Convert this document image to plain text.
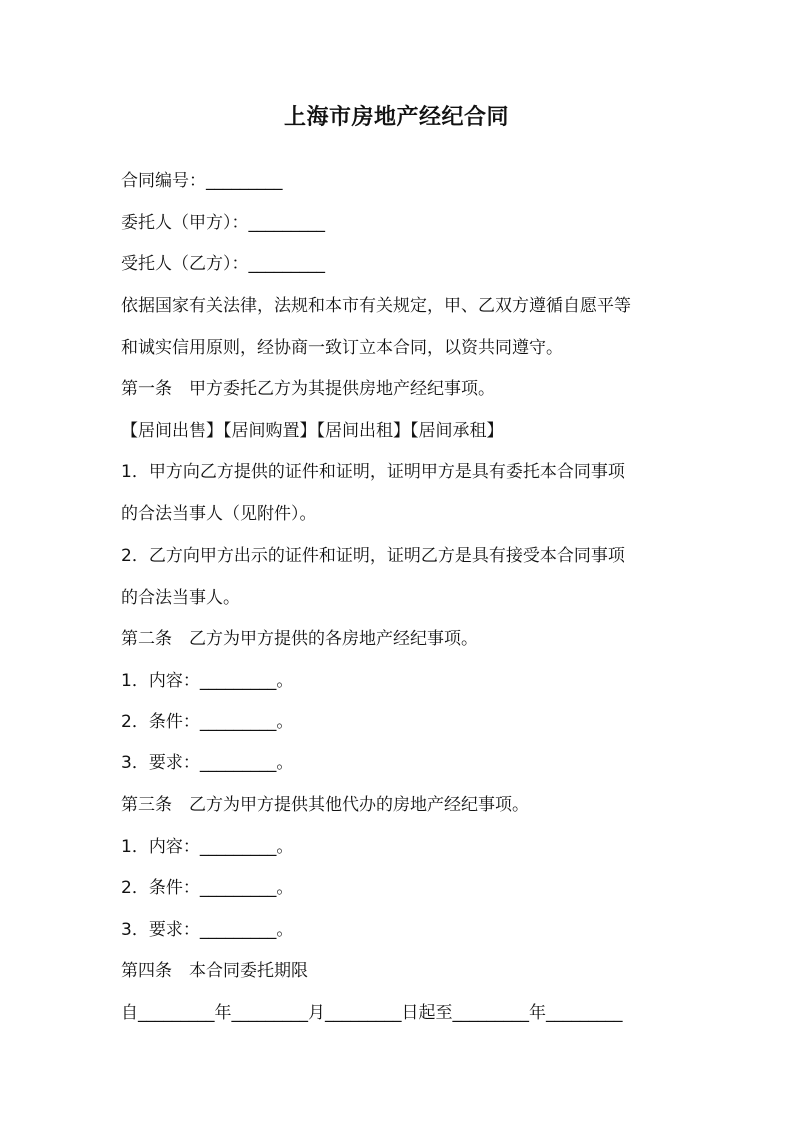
上海市房地产经纪合同
合同编号：_________
委托人（甲方）：_________
受托人（乙方）：_________
依据国家有关法律，法规和本市有关规定，甲、乙双方遵循自愿平等
和诚实信用原则，经协商一致订立本合同，以资共同遵守。
第一条　甲方委托乙方为其提供房地产经纪事项。
【居间出售】【居间购置】【居间出租】【居间承租】
1．甲方向乙方提供的证件和证明，证明甲方是具有委托本合同事项
的合法当事人（见附件）。
2．乙方向甲方出示的证件和证明，证明乙方是具有接受本合同事项
的合法当事人。
第二条　乙方为甲方提供的各房地产经纪事项。
1．内容：_________。
2．条件：_________。
3．要求：_________。
第三条　乙方为甲方提供其他代办的房地产经纪事项。
1．内容：_________。
2．条件：_________。
3．要求：_________。
第四条　本合同委托期限
自_________年_________月_________日起至_________年_________
